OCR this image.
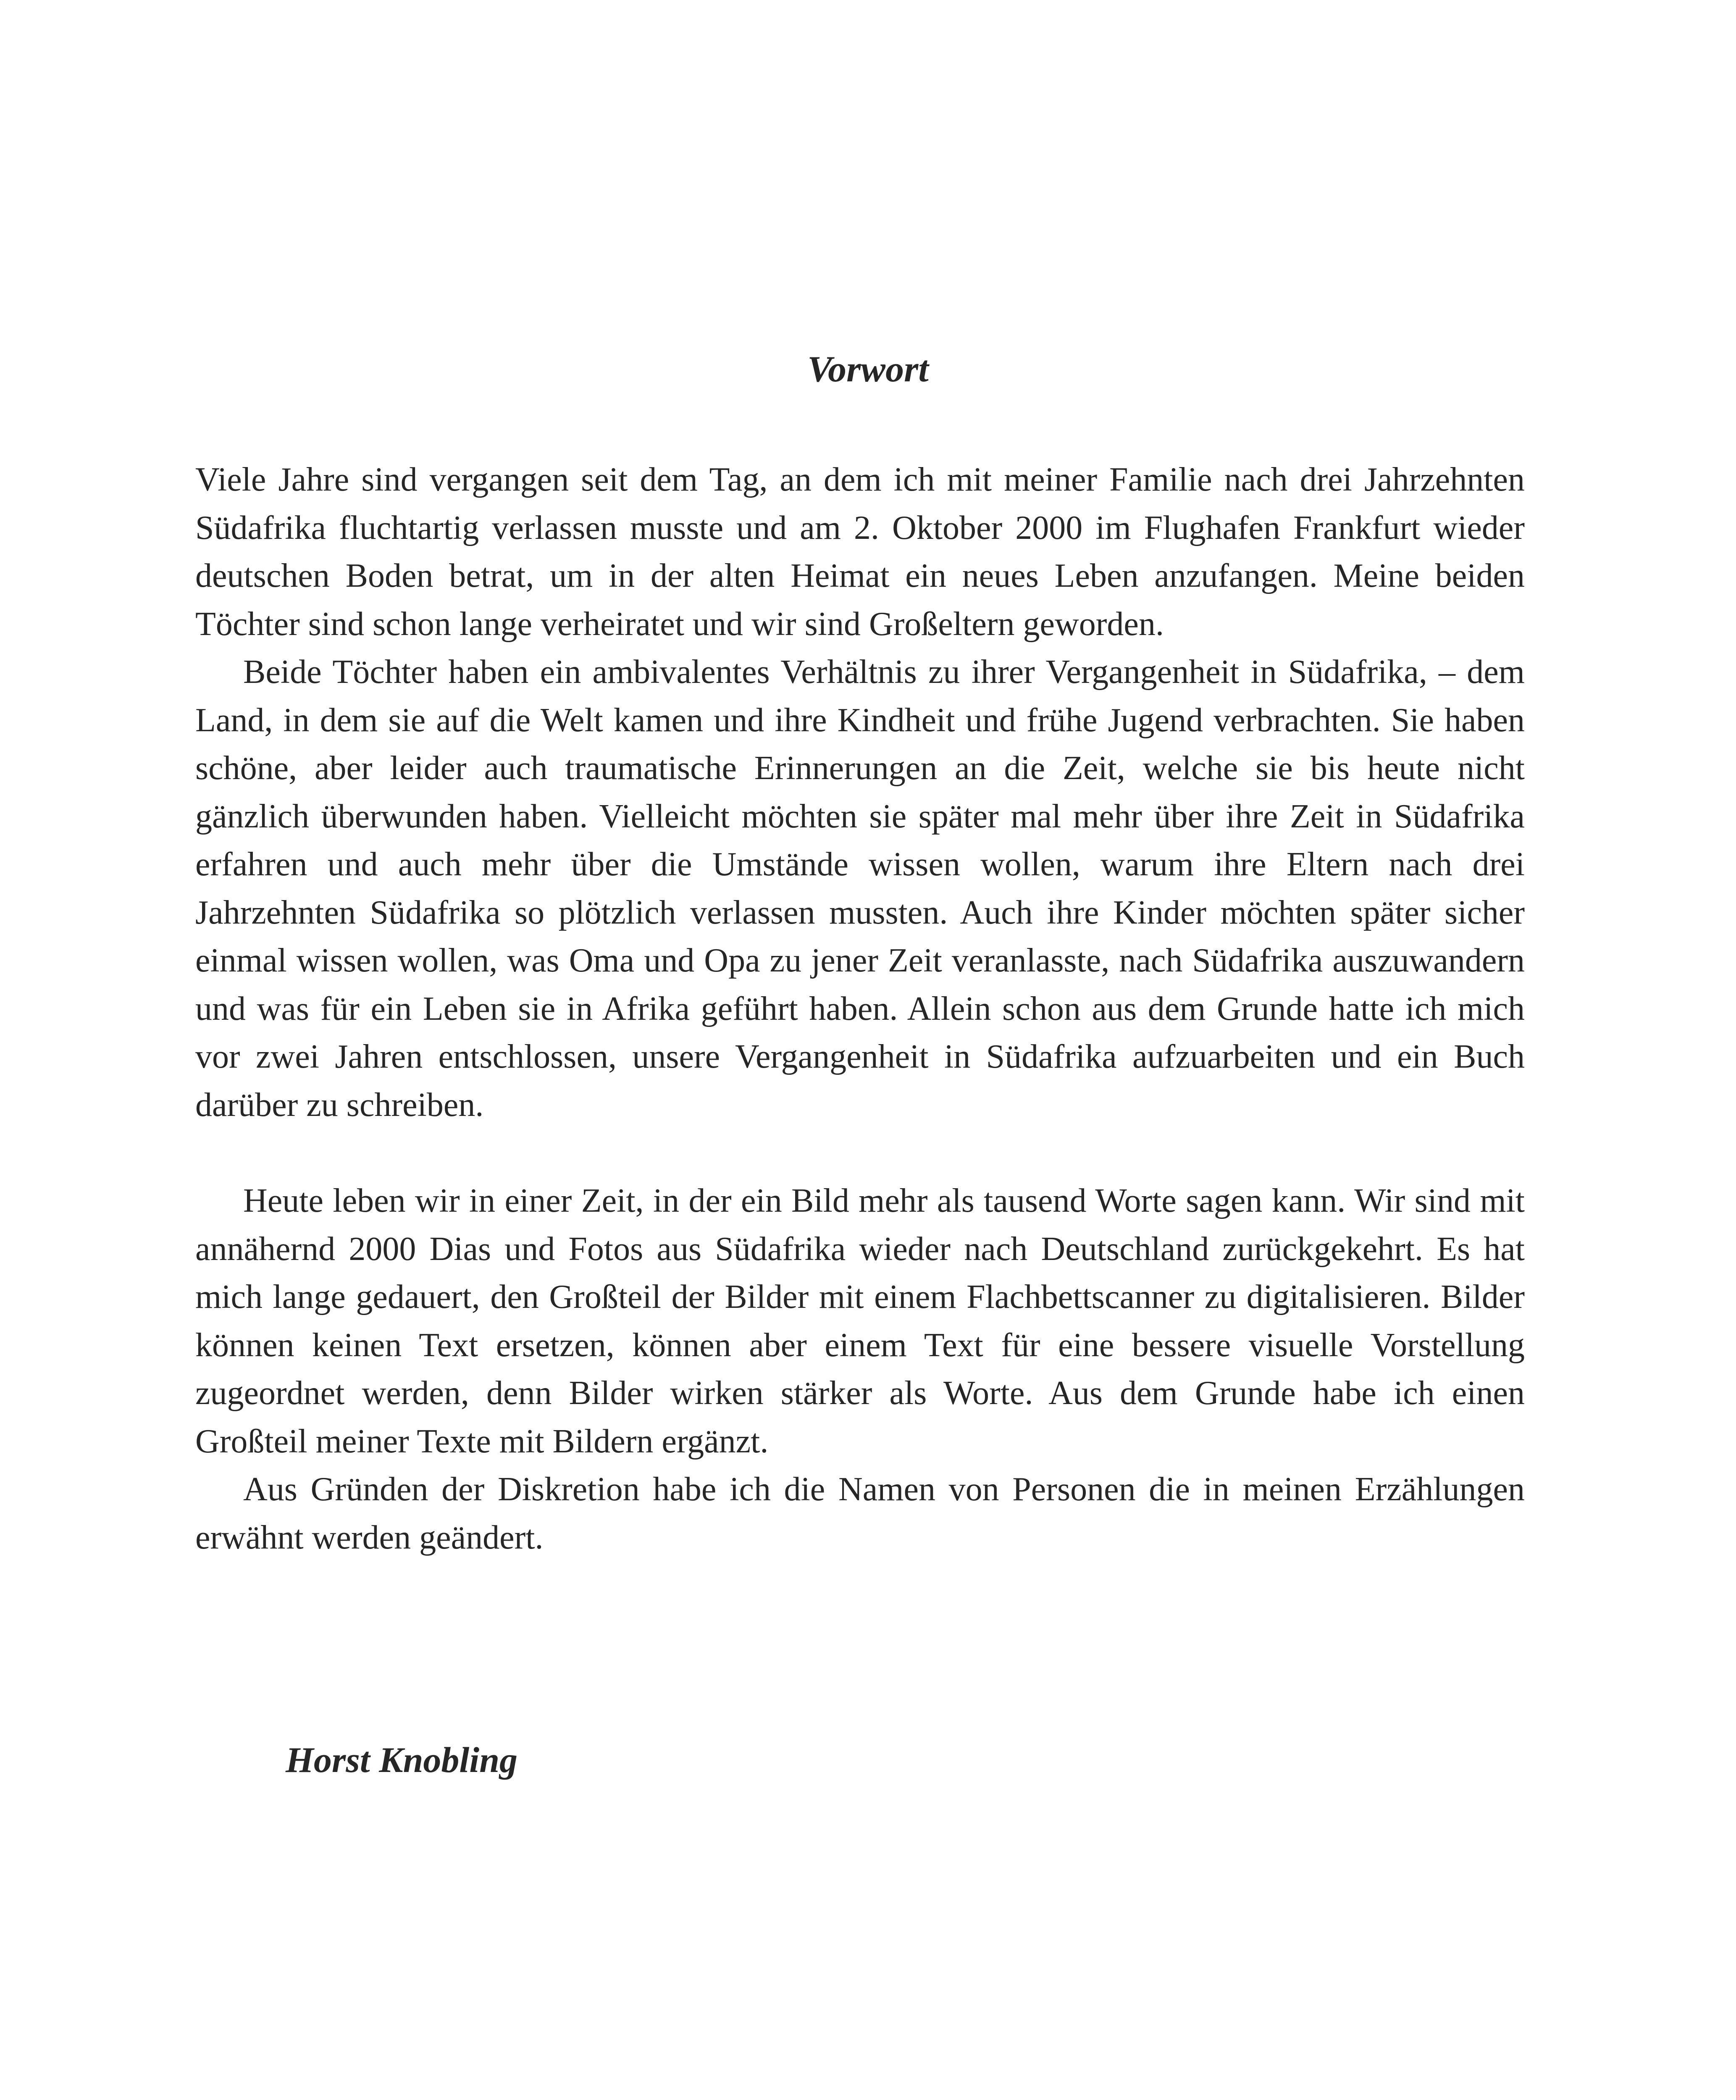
Vorwort

Viele Jahre sind vergangen seit dem Tag, an dem ich mit meiner Familie nach drei Jahrzehnten Südafrika fluchtartig verlassen musste und am 2. Oktober 2000 im Flughafen Frankfurt wieder deutschen Boden betrat, um in der alten Heimat ein neues Leben anzufangen. Meine beiden Töchter sind schon lange verheiratet und wir sind Großeltern geworden.

Beide Töchter haben ein ambivalentes Verhältnis zu ihrer Vergangenheit in Südafrika, – dem Land, in dem sie auf die Welt kamen und ihre Kindheit und frühe Jugend verbrachten. Sie haben schöne, aber leider auch traumatische Erinnerungen an die Zeit, welche sie bis heute nicht gänzlich überwunden haben. Vielleicht möchten sie später mal mehr über ihre Zeit in Südafrika erfahren und auch mehr über die Umstände wissen wollen, warum ihre Eltern nach drei Jahrzehnten Südafrika so plötzlich verlassen mussten. Auch ihre Kinder möchten später sicher einmal wissen wollen, was Oma und Opa zu jener Zeit veranlasste, nach Südafrika auszuwandern und was für ein Leben sie in Afrika geführt haben. Allein schon aus dem Grunde hatte ich mich vor zwei Jahren entschlossen, unsere Vergangenheit in Südafrika aufzuarbeiten und ein Buch darüber zu schreiben.

Heute leben wir in einer Zeit, in der ein Bild mehr als tausend Worte sagen kann. Wir sind mit annähernd 2000 Dias und Fotos aus Südafrika wieder nach Deutschland zurückgekehrt. Es hat mich lange gedauert, den Großteil der Bilder mit einem Flachbettscanner zu digitalisieren. Bilder können keinen Text ersetzen, können aber einem Text für eine bessere visuelle Vorstellung zugeordnet werden, denn Bilder wirken stärker als Worte. Aus dem Grunde habe ich einen Großteil meiner Texte mit Bildern ergänzt.

Aus Gründen der Diskretion habe ich die Namen von Personen die in meinen Erzählungen erwähnt werden geändert.

Horst Knobling
